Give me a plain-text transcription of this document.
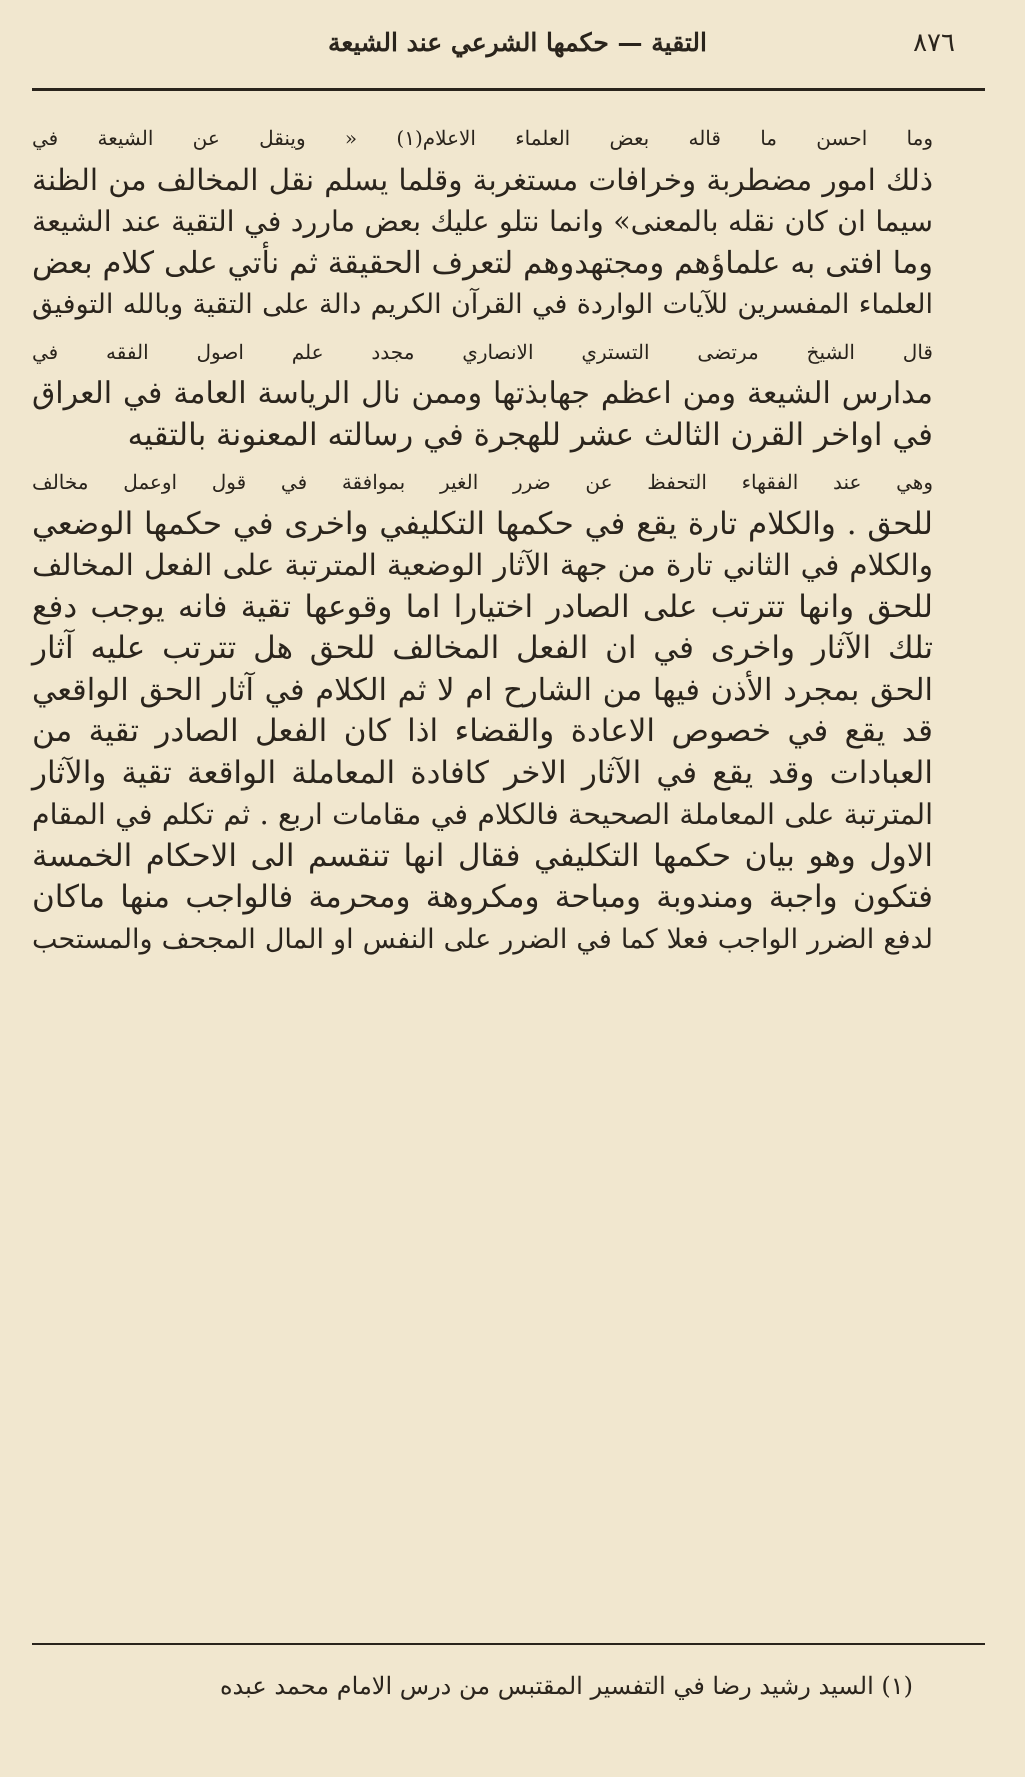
٨٧٦
التقية — حكمها الشرعي عند الشيعة

وما احسن ما قاله بعض العلماء الاعلام(١) « وينقل عن الشيعة في
ذلك امور مضطربة وخرافات مستغربة وقلما يسلم نقل المخالف من الظنة
سيما ان كان نقله بالمعنى» وانما نتلو عليك بعض ماررد في التقية عند الشيعة
وما افتى به علماؤهم ومجتهدوهم لتعرف الحقيقة ثم نأتي على كلام بعض
العلماء المفسرين للآيات الواردة في القرآن الكريم دالة على التقية وبالله التوفيق

قال الشيخ مرتضى التستري الانصاري مجدد علم اصول الفقه في
مدارس الشيعة ومن اعظم جهابذتها وممن نال الرياسة العامة في العراق
في اواخر القرن الثالث عشر للهجرة في رسالته المعنونة بالتقيه

وهي عند الفقهاء التحفظ عن ضرر الغير بموافقة في قول اوعمل مخالف
للحق . والكلام تارة يقع في حكمها التكليفي واخرى في حكمها الوضعي
والكلام في الثاني تارة من جهة الآثار الوضعية المترتبة على الفعل المخالف
للحق وانها تترتب على الصادر اختيارا اما وقوعها تقية فانه يوجب دفع
تلك الآثار واخرى في ان الفعل المخالف للحق هل تترتب عليه آثار
الحق بمجرد الأذن فيها من الشارح ام لا ثم الكلام في آثار الحق الواقعي
قد يقع في خصوص الاعادة والقضاء اذا كان الفعل الصادر تقية من
العبادات وقد يقع في الآثار الاخر كافادة المعاملة الواقعة تقية والآثار
المترتبة على المعاملة الصحيحة فالكلام في مقامات اربع . ثم تكلم في المقام
الاول وهو بيان حكمها التكليفي فقال انها تنقسم الى الاحكام الخمسة
فتكون واجبة ومندوبة ومباحة ومكروهة ومحرمة فالواجب منها ماكان
لدفع الضرر الواجب فعلا كما في الضرر على النفس او المال المجحف والمستحب

(١) السيد رشيد رضا في التفسير المقتبس من درس الامام محمد عبده
